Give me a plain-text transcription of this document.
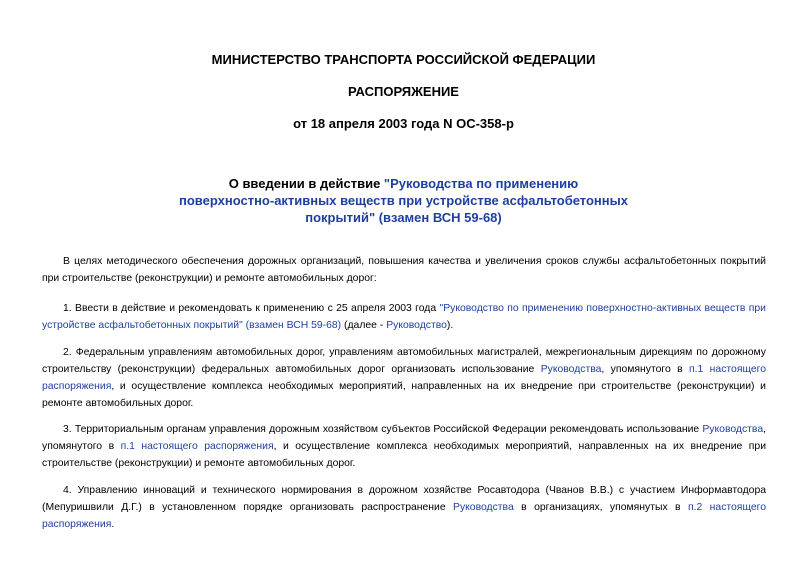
МИНИСТЕРСТВО ТРАНСПОРТА РОССИЙСКОЙ ФЕДЕРАЦИИ
РАСПОРЯЖЕНИЕ
от 18 апреля 2003 года N ОС-358-р
О введении в действие "Руководства по применению
поверхностно-активных веществ при устройстве асфальтобетонных
покрытий" (взамен ВСН 59-68)
В целях методического обеспечения дорожных организаций, повышения качества и увеличения сроков службы асфальтобетонных покрытий при строительстве (реконструкции) и ремонте автомобильных дорог:
1. Ввести в действие и рекомендовать к применению с 25 апреля 2003 года "Руководство по применению поверхностно-активных веществ при устройстве асфальтобетонных покрытий" (взамен ВСН 59-68) (далее - Руководство).
2. Федеральным управлениям автомобильных дорог, управлениям автомобильных магистралей, межрегиональным дирекциям по дорожному строительству (реконструкции) федеральных автомобильных дорог организовать использование Руководства, упомянутого в п.1 настоящего распоряжения, и осуществление комплекса необходимых мероприятий, направленных на их внедрение при строительстве (реконструкции) и ремонте автомобильных дорог.
3. Территориальным органам управления дорожным хозяйством субъектов Российской Федерации рекомендовать использование Руководства, упомянутого в п.1 настоящего распоряжения, и осуществление комплекса необходимых мероприятий, направленных на их внедрение при строительстве (реконструкции) и ремонте автомобильных дорог.
4. Управлению инноваций и технического нормирования в дорожном хозяйстве Росавтодора (Чванов В.В.) с участием Информавтодора (Мепуришвили Д.Г.) в установленном порядке организовать распространение Руководства в организациях, упомянутых в п.2 настоящего распоряжения.
